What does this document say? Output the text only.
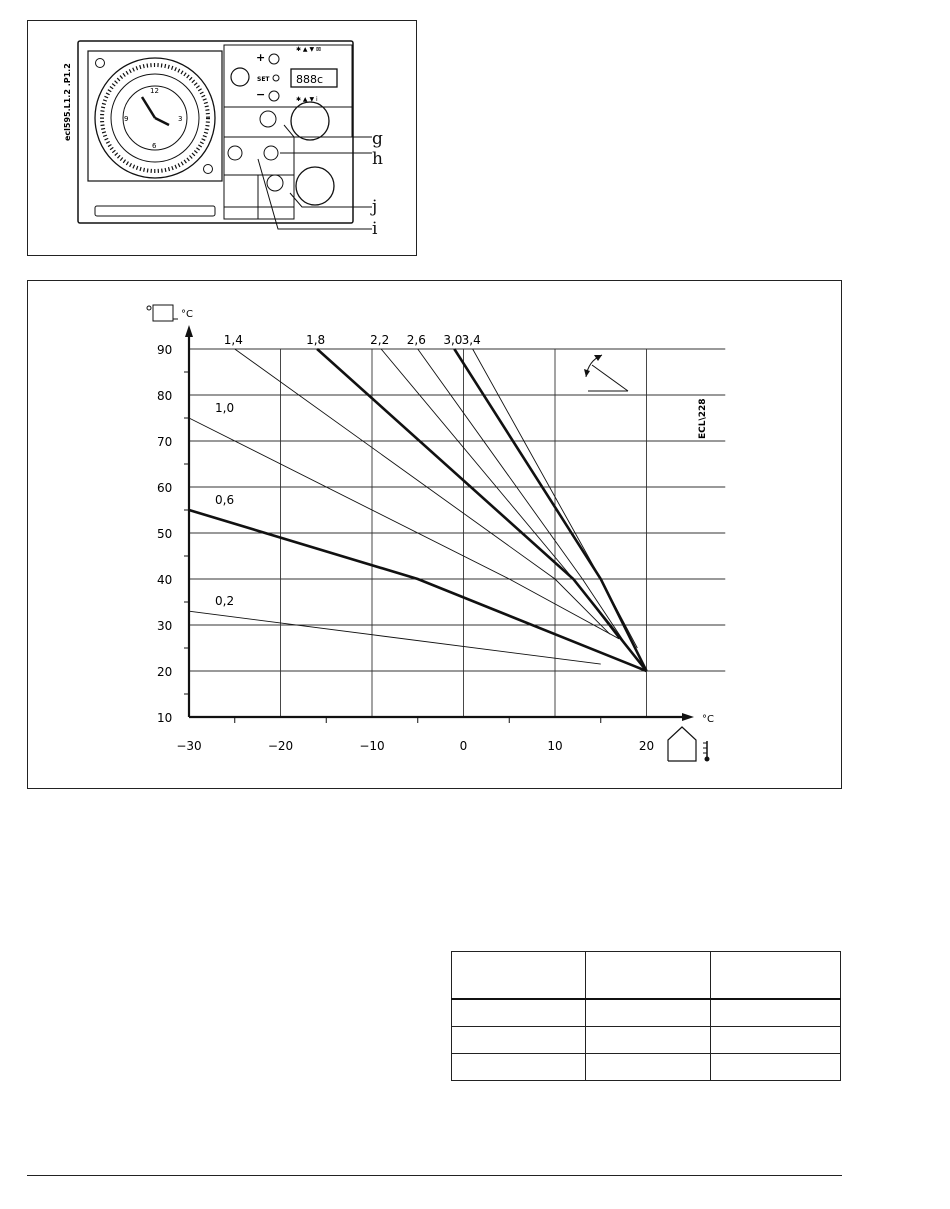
ecl595.L1.2 .P1.2	12
3
6
9
+
SET
−
✱ ▲ ▼ ⊠
888c
✱ ▲ ▼ i
g
h
i
j
−30	−20	−10	0	10	20
10
20
30
40
50
60
70
80
90
0,2
0,6
1,0
1,4	1,8	2,2 2,6 3,0 3,4
°C
°C
ECL\228
